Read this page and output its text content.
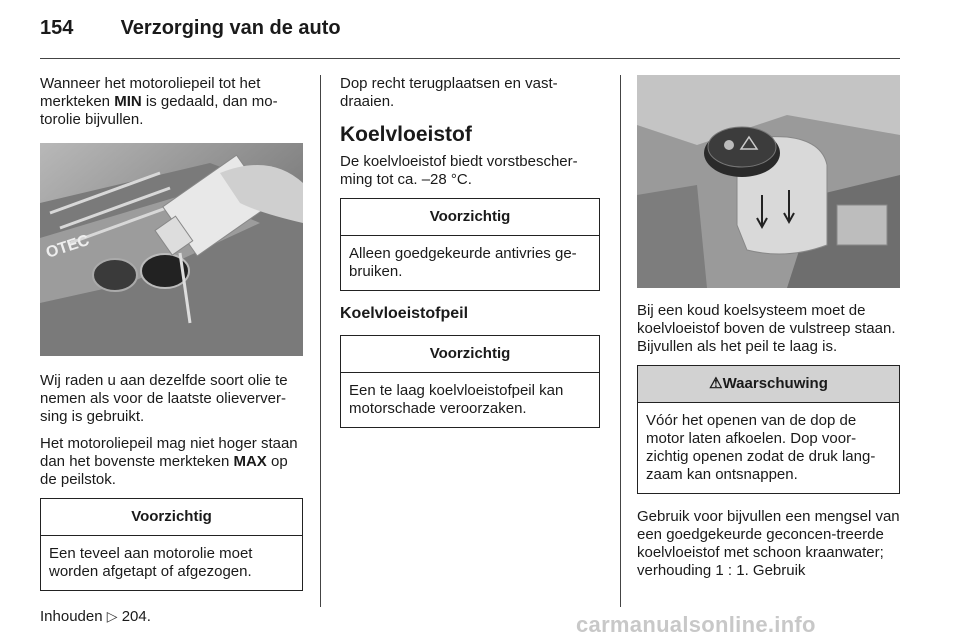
154 Verzorging van de auto

Wanneer het motoroliepeil tot het merkteken MIN is gedaald, dan mo-torolie bijvullen.

OTEC

Wij raden u aan dezelfde soort olie te nemen als voor de laatste olieverver-sing is gebruikt.

Het motoroliepeil mag niet hoger staan dan het bovenste merkteken MAX op de peilstok.

Voorzichtig
Een teveel aan motorolie moet worden afgetapt of afgezogen.

Inhouden ▷ 204.

Dop recht terugplaatsen en vast-draaien.

Koelvloeistof

De koelvloeistof biedt vorstbescher-ming tot ca. –28 °C.

Voorzichtig
Alleen goedgekeurde antivries ge-bruiken.
Koelvloeistofpeil
Voorzichtig
Een te laag koelvloeistofpeil kan motorschade veroorzaken.

Bij een koud koelsysteem moet de koelvloeistof boven de vulstreep staan. Bijvullen als het peil te laag is.

⚠Waarschuwing
Vóór het openen van de dop de motor laten afkoelen. Dop voor-zichtig openen zodat de druk lang-zaam kan ontsnappen.

Gebruik voor bijvullen een mengsel van een goedgekeurde geconcen-treerde koelvloeistof met schoon kraanwater; verhouding 1 : 1. Gebruik

carmanualsonline.info
